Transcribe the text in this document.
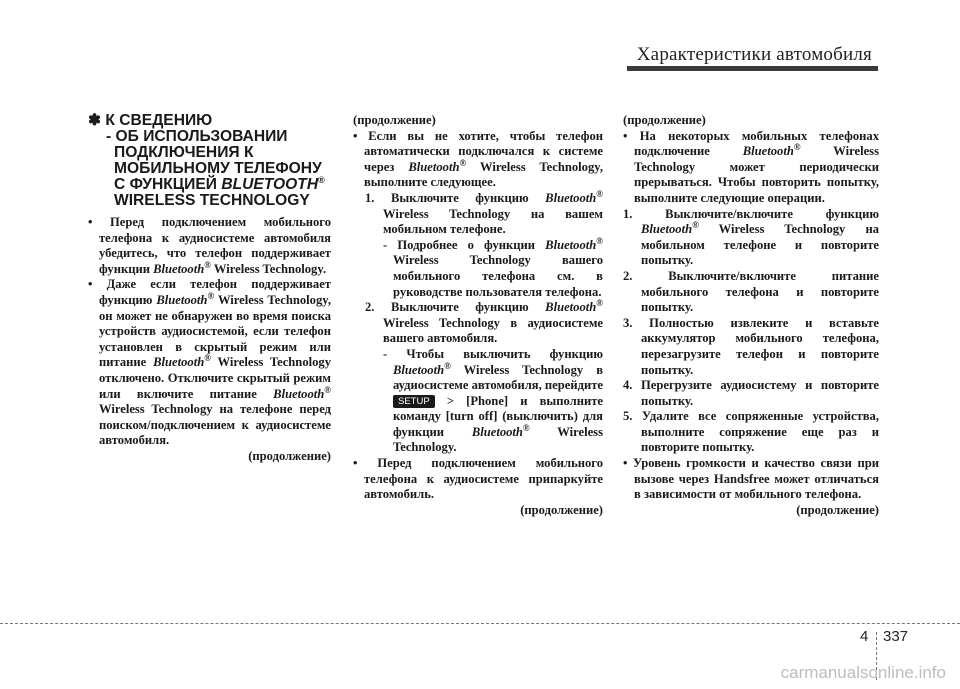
Характеристики автомобиля
✽ К СВЕДЕНИЮ
- ОБ ИСПОЛЬЗОВАНИИ
ПОДКЛЮЧЕНИЯ К
МОБИЛЬНОМУ ТЕЛЕФОНУ
С ФУНКЦИЕЙ BLUETOOTH®
WIRELESS TECHNOLOGY
• Перед подключением мобильного телефона к аудиосистеме автомобиля убедитесь, что телефон поддерживает функции Bluetooth® Wireless Technology.
• Даже если телефон поддерживает функцию Bluetooth® Wireless Technology, он может не обнаружен во время поиска устройств аудиосистемой, если телефон установлен в скрытый режим или питание Bluetooth® Wireless Technology отключено. Отключите скрытый режим или включите питание Bluetooth® Wireless Technology на телефоне перед поиском/подключением к аудиосистеме автомобиля.
(продолжение)
(продолжение)
• Если вы не хотите, чтобы телефон автоматически подключался к системе через Bluetooth® Wireless Technology, выполните следующее.
1. Выключите функцию Bluetooth® Wireless Technology на вашем мобильном телефоне.
- Подробнее о функции Bluetooth® Wireless Technology вашего мобильного телефона см. в руководстве пользователя телефона.
2. Выключите функцию Bluetooth® Wireless Technology в аудиосистеме вашего автомобиля.
- Чтобы выключить функцию Bluetooth® Wireless Technology в аудиосистеме автомобиля, перейдите SETUP > [Phone] и выполните команду [turn off] (выключить) для функции Bluetooth® Wireless Technology.
• Перед подключением мобильного телефона к аудиосистеме припаркуйте автомобиль.
(продолжение)
(продолжение)
• На некоторых мобильных телефонах подключение Bluetooth® Wireless Technology может периодически прерываться. Чтобы повторить попытку, выполните следующие операции.
1. Выключите/включите функцию Bluetooth® Wireless Technology на мобильном телефоне и повторите попытку.
2. Выключите/включите питание мобильного телефона и повторите попытку.
3. Полностью извлеките и вставьте аккумулятор мобильного телефона, перезагрузите телефон и повторите попытку.
4. Перегрузите аудиосистему и повторите попытку.
5. Удалите все сопряженные устройства, выполните сопряжение еще раз и повторите попытку.
• Уровень громкости и качество связи при вызове через Handsfree может отличаться в зависимости от мобильного телефона.
(продолжение)
4 337
carmanualsonline.info
